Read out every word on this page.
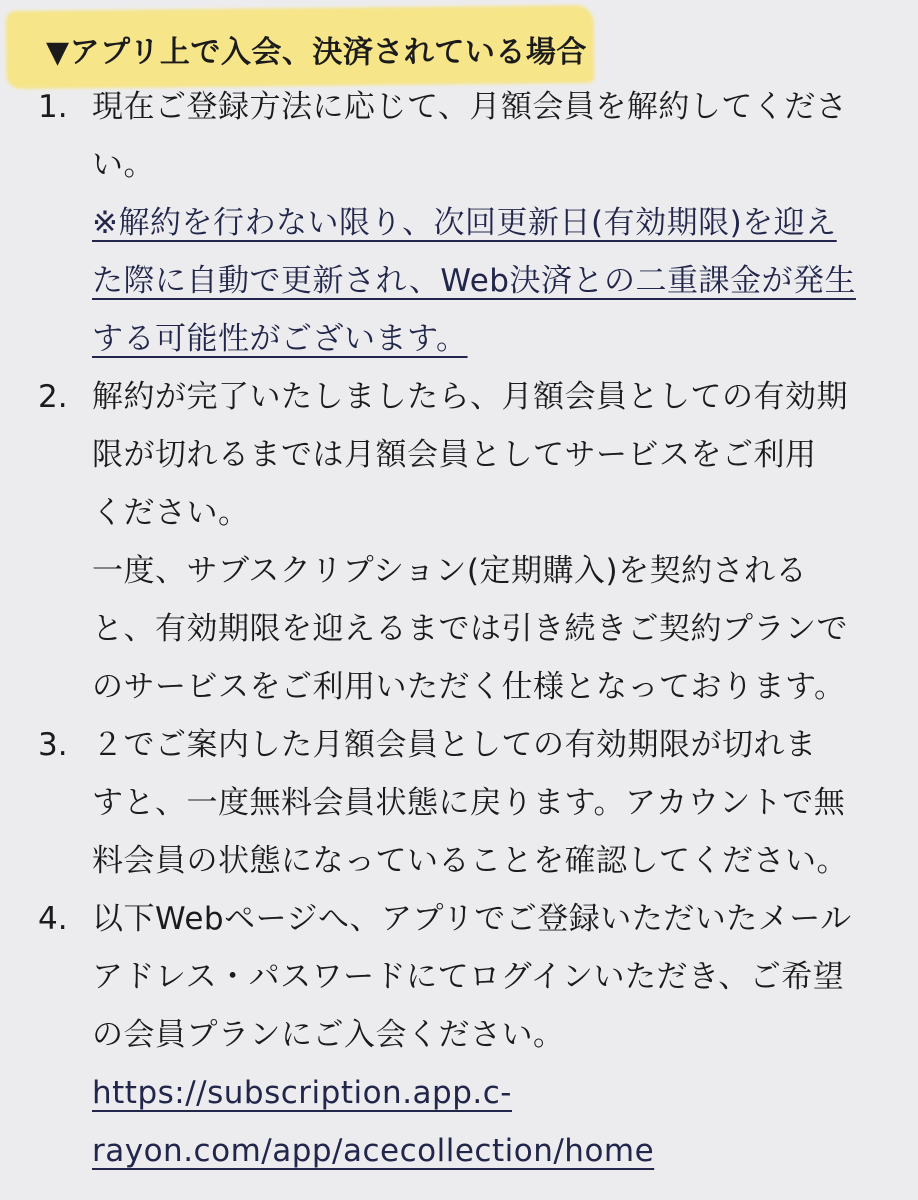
▼アプリ上で入会、決済されている場合
1. 現在ご登録方法に応じて、月額会員を解約してくださ
い。
※解約を行わない限り、次回更新日(有効期限)を迎え
た際に自動で更新され、Web決済との二重課金が発生
する可能性がございます。
2. 解約が完了いたしましたら、月額会員としての有効期
限が切れるまでは月額会員としてサービスをご利用
ください。
一度、サブスクリプション(定期購入)を契約される
と、有効期限を迎えるまでは引き続きご契約プランで
のサービスをご利用いただく仕様となっております。
3. ２でご案内した月額会員としての有効期限が切れま
すと、一度無料会員状態に戻ります。アカウントで無
料会員の状態になっていることを確認してください。
4. 以下Webページへ、アプリでご登録いただいたメール
アドレス・パスワードにてログインいただき、ご希望
の会員プランにご入会ください。
https://subscription.app.c-
rayon.com/app/acecollection/home
